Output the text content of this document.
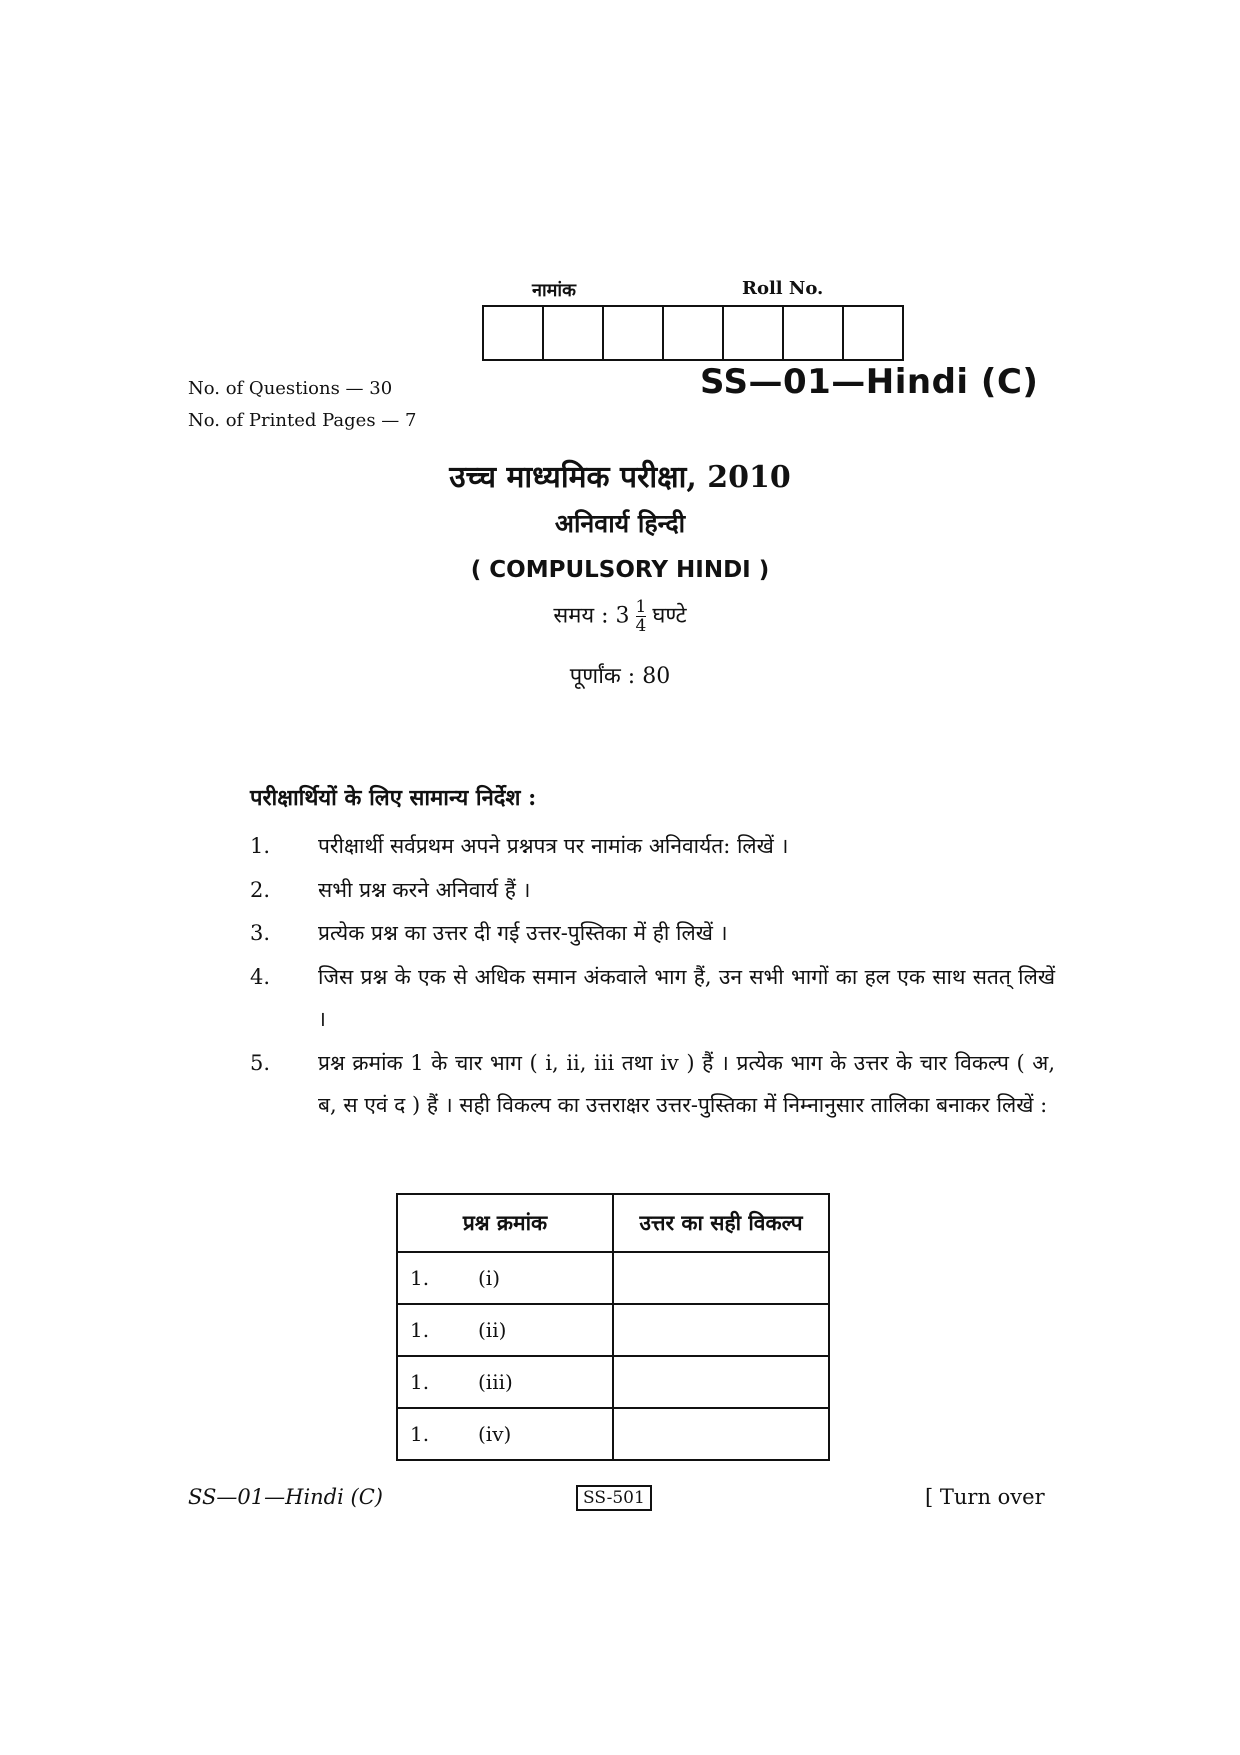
नामांक	Roll No.
No. of Questions — 30
No. of Printed Pages — 7
SS—01—Hindi (C)
उच्च माध्यमिक परीक्षा, 2010
अनिवार्य हिन्दी
( COMPULSORY HINDI )
समय : $3 \frac{1}{4}$ घण्टे
पूर्णांक : 80
परीक्षार्थियों के लिए सामान्य निर्देश :
1.	परीक्षार्थी सर्वप्रथम अपने प्रश्नपत्र पर नामांक अनिवार्यत: लिखें ।
2.	सभी प्रश्न करने अनिवार्य हैं ।
3.	प्रत्येक प्रश्न का उत्तर दी गई उत्तर-पुस्तिका में ही लिखें ।
4.	जिस प्रश्न के एक से अधिक समान अंकवाले भाग हैं, उन सभी भागों का हल एक साथ सतत् लिखें ।
5.	प्रश्न क्रमांक 1 के चार भाग ( i, ii, iii तथा iv ) हैं । प्रत्येक भाग के उत्तर के चार विकल्प ( अ, ब, स एवं द ) हैं । सही विकल्प का उत्तराक्षर उत्तर-पुस्तिका में निम्नानुसार तालिका बनाकर लिखें :
प्रश्न क्रमांक	उत्तर का सही विकल्प
1. (i)	
1. (ii)	
1. (iii)	
1. (iv)	
SS—01—Hindi (C)	SS-501	[ Turn over
